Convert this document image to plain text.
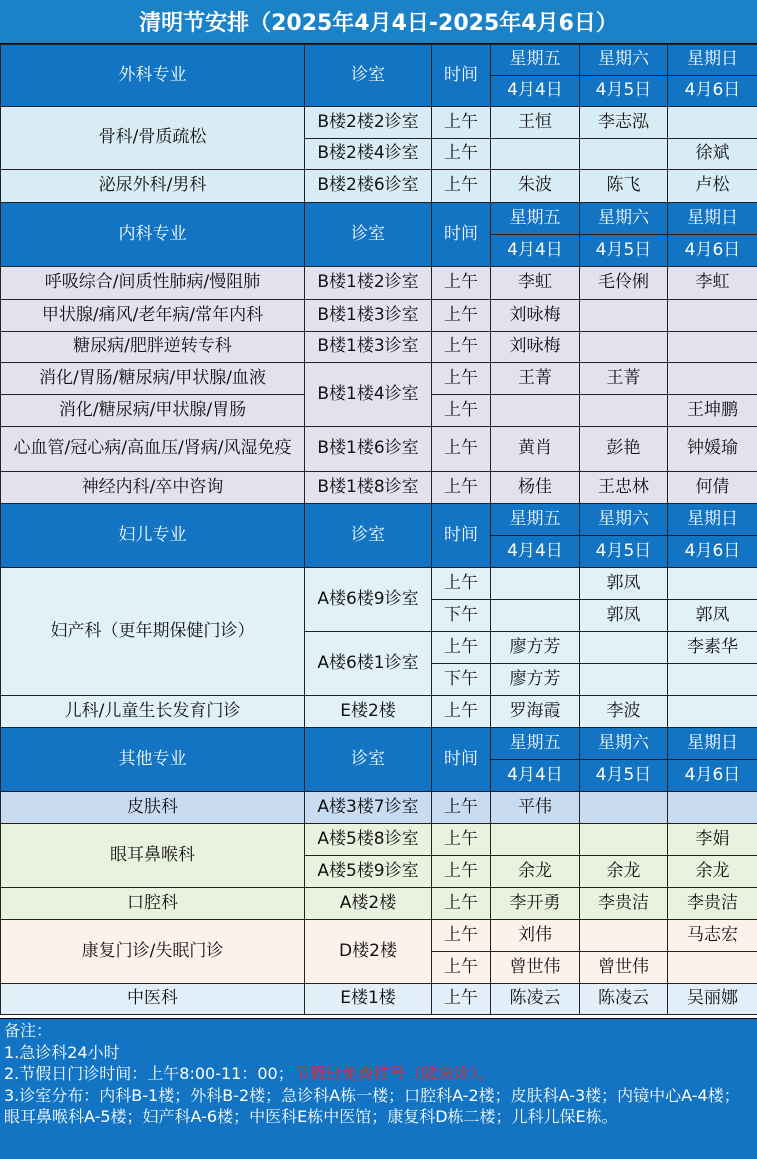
清明节安排（2025年4月4日-2025年4月6日）
外科专业	诊室	时间	星期五	星期六	星期日
			4月4日	4月5日	4月6日
骨科/骨质疏松	B楼2楼2诊室	上午	王恒	李志泓	
	B楼2楼4诊室	上午			徐斌
泌尿外科/男科	B楼2楼6诊室	上午	朱波	陈飞	卢松
内科专业	诊室	时间	星期五	星期六	星期日
			4月4日	4月5日	4月6日
呼吸综合/间质性肺病/慢阻肺	B楼1楼2诊室	上午	李虹	毛伶俐	李虹
甲状腺/痛风/老年病/常年内科	B楼1楼3诊室	上午	刘咏梅		
糖尿病/肥胖逆转专科	B楼1楼3诊室	上午	刘咏梅		
消化/胃肠/糖尿病/甲状腺/血液	B楼1楼4诊室	上午	王菁	王菁	
消化/糖尿病/甲状腺/胃肠		上午			王坤鹏
心血管/冠心病/高血压/肾病/风湿免疫	B楼1楼6诊室	上午	黄肖	彭艳	钟媛瑜
神经内科/卒中咨询	B楼1楼8诊室	上午	杨佳	王忠林	何倩
妇儿专业	诊室	时间	星期五	星期六	星期日
			4月4日	4月5日	4月6日
妇产科（更年期保健门诊）	A楼6楼9诊室	上午		郭凤	
		下午		郭凤	郭凤
	A楼6楼1诊室	上午	廖方芳		李素华
		下午	廖方芳		
儿科/儿童生长发育门诊	E楼2楼	上午	罗海霞	李波	
其他专业	诊室	时间	星期五	星期六	星期日
			4月4日	4月5日	4月6日
皮肤科	A楼3楼7诊室	上午	平伟		
眼耳鼻喉科	A楼5楼8诊室	上午			李娟
	A楼5楼9诊室	上午	余龙	余龙	余龙
口腔科	A楼2楼	上午	李开勇	李贵洁	李贵洁
康复门诊/失眠门诊	D楼2楼	上午	刘伟		马志宏
		上午	曾世伟	曾世伟	
中医科	E楼1楼	上午	陈凌云	陈凌云	吴丽娜
备注：
1.急诊科24小时
2.节假日门诊时间：上午8:00-11：00；节假日免费挂号（除急诊）。
3.诊室分布：内科B-1楼；外科B-2楼；急诊科A栋一楼；口腔科A-2楼；皮肤科A-3楼；内镜中心A-4楼；眼耳鼻喉科A-5楼；妇产科A-6楼；中医科E栋中医馆；康复科D栋二楼；儿科儿保E栋。
